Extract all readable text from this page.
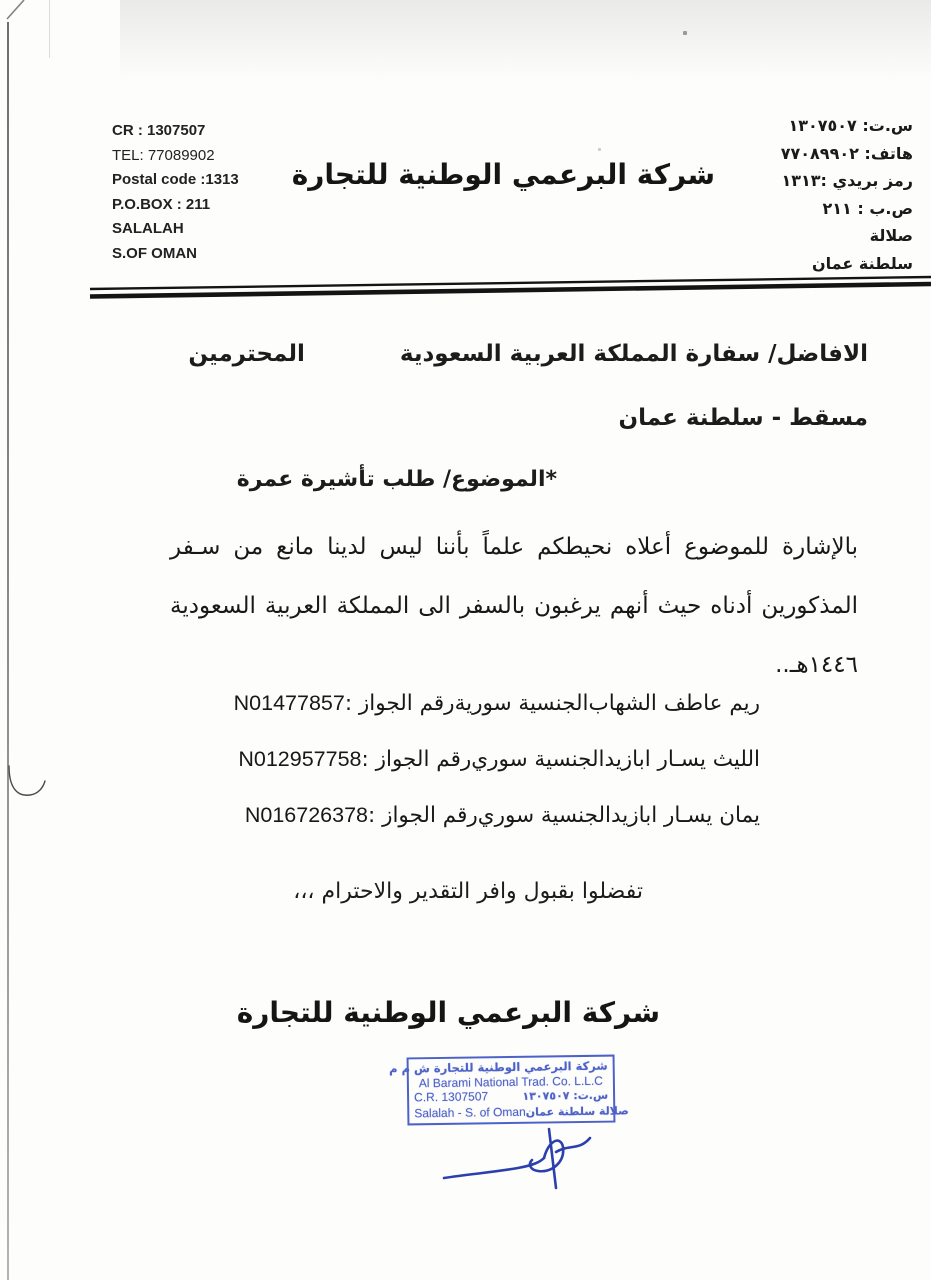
CR : 1307507
TEL: 77089902
Postal code :1313
P.O.BOX : 211
SALALAH
S.OF OMAN
شركة البرعمي الوطنية للتجارة
س.ت: ١٣٠٧٥٠٧
هاتف: ٧٧٠٨٩٩٠٢
رمز بريدي :١٣١٣
ص.ب : ٢١١
صلالة
سلطنة عمان
الافاضل/ سفارة المملكة العربية السعودية
المحترمين
مسقط - سلطنة عمان
*الموضوع/ طلب تأشيرة عمرة
بالإشارة للموضوع أعلاه نحيطكم علماً بأننا ليس لدينا مانع من سـفر
المذكورين أدناه حيث أنهم يرغبون بالسفر الى المملكة العربية السعودية
١٤٤٦هـ..
ريم عاطف الشهاب
الجنسية سورية
رقم الجواز :N01477857
الليث يسـار ابازيد
الجنسية سوري
رقم الجواز :N012957758
يمان يسـار ابازيد
الجنسية سوري
رقم الجواز :N016726378
تفضلوا بقبول وافر التقدير والاحترام ،،،
شركة البرعمي الوطنية للتجارة
شركة البرعمي الوطنية للتجارة ش م م
Al Barami National Trad. Co. L.L.C
C.R. 1307507	س.ت: ١٣٠٧٥٠٧
Salalah - S. of Oman صلالة سلطنة عمان
